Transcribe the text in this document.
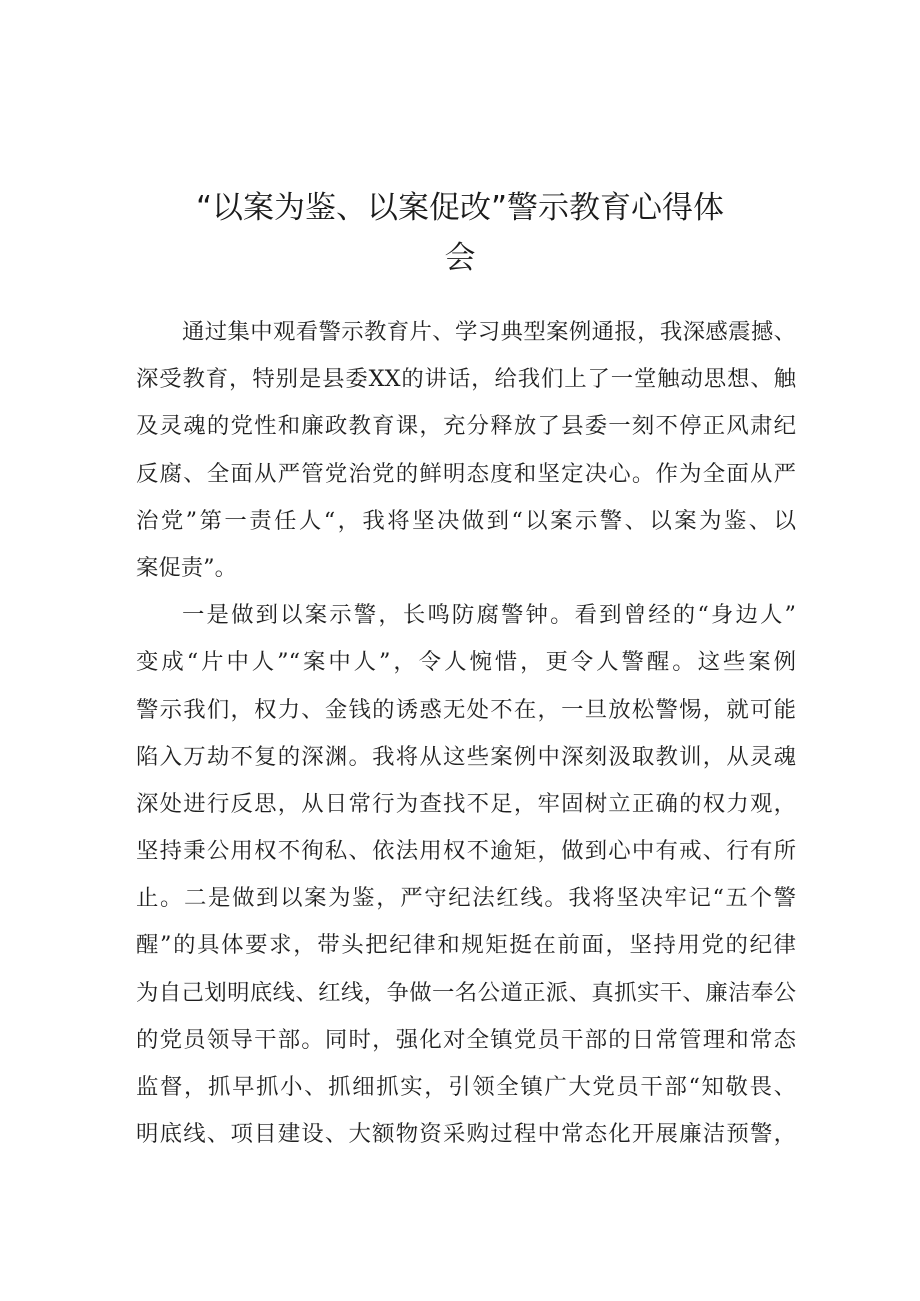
“以案为鉴、以案促改”警示教育心得体
会
通过集中观看警示教育片、学习典型案例通报，我深感震撼、
深受教育，特别是县委XX的讲话，给我们上了一堂触动思想、触
及灵魂的党性和廉政教育课，充分释放了县委一刻不停正风肃纪
反腐、全面从严管党治党的鲜明态度和坚定决心。作为全面从严
治党”第一责任人“，我将坚决做到“以案示警、以案为鉴、以
案促责”。
一是做到以案示警，长鸣防腐警钟。看到曾经的“身边人”
变成“片中人”“案中人”，令人惋惜，更令人警醒。这些案例
警示我们，权力、金钱的诱惑无处不在，一旦放松警惕，就可能
陷入万劫不复的深渊。我将从这些案例中深刻汲取教训，从灵魂
深处进行反思，从日常行为查找不足，牢固树立正确的权力观，
坚持秉公用权不徇私、依法用权不逾矩，做到心中有戒、行有所
止。二是做到以案为鉴，严守纪法红线。我将坚决牢记“五个警
醒”的具体要求，带头把纪律和规矩挺在前面，坚持用党的纪律
为自己划明底线、红线，争做一名公道正派、真抓实干、廉洁奉公
的党员领导干部。同时，强化对全镇党员干部的日常管理和常态
监督，抓早抓小、抓细抓实，引领全镇广大党员干部“知敬畏、
明底线、项目建设、大额物资采购过程中常态化开展廉洁预警，
